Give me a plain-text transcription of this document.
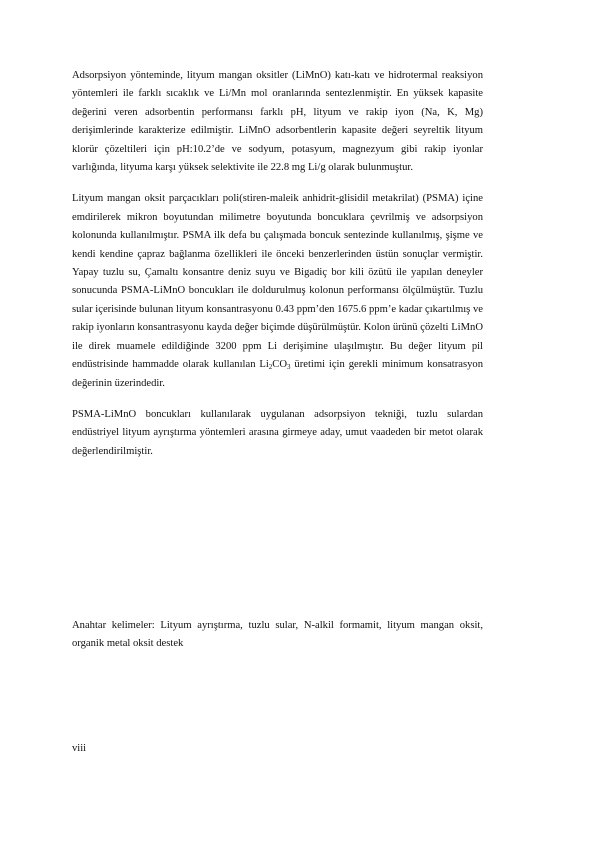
Adsorpsiyon yönteminde, lityum mangan oksitler (LiMnO) katı-katı ve hidrotermal reaksiyon yöntemleri ile farklı sıcaklık ve Li/Mn mol oranlarında sentezlenmiştir. En yüksek kapasite değerini veren adsorbentin performansı farklı pH, lityum ve rakip iyon (Na, K, Mg) derişimlerinde karakterize edilmiştir. LiMnO adsorbentlerin kapasite değeri seyreltik lityum klorür çözeltileri için pH:10.2’de ve sodyum, potasyum, magnezyum gibi rakip iyonlar varlığında, lityuma karşı yüksek selektivite ile 22.8 mg Li/g olarak bulunmuştur.

Lityum mangan oksit parçacıkları poli(stiren-maleik anhidrit-glisidil metakrilat) (PSMA) içine emdirilerek mikron boyutundan milimetre boyutunda boncuklara çevrilmiş ve adsorpsiyon kolonunda kullanılmıştır. PSMA ilk defa bu çalışmada boncuk sentezinde kullanılmış, şişme ve kendi kendine çapraz bağlanma özellikleri ile önceki benzerlerinden üstün sonuçlar vermiştir. Yapay tuzlu su, Çamaltı konsantre deniz suyu ve Bigadiç bor kili özütü ile yapılan deneyler sonucunda PSMA-LiMnO boncukları ile doldurulmuş kolonun performansı ölçülmüştür. Tuzlu sular içerisinde bulunan lityum konsantrasyonu 0.43 ppm’den 1675.6 ppm’e kadar çıkartılmış ve rakip iyonların konsantrasyonu kayda değer biçimde düşürülmüştür. Kolon ürünü çözelti LiMnO ile direk muamele edildiğinde 3200 ppm Li derişimine ulaşılmıştır. Bu değer lityum pil endüstrisinde hammadde olarak kullanılan $Li_2CO_3$ üretimi için gerekli minimum konsatrasyon değerinin üzerindedir.

PSMA-LiMnO boncukları kullanılarak uygulanan adsorpsiyon tekniği, tuzlu sulardan endüstriyel lityum ayrıştırma yöntemleri arasına girmeye aday, umut vaadeden bir metot olarak değerlendirilmiştir.

Anahtar kelimeler: Lityum ayrıştırma, tuzlu sular, N-alkil formamit, lityum mangan oksit, organik metal oksit destek

viii
